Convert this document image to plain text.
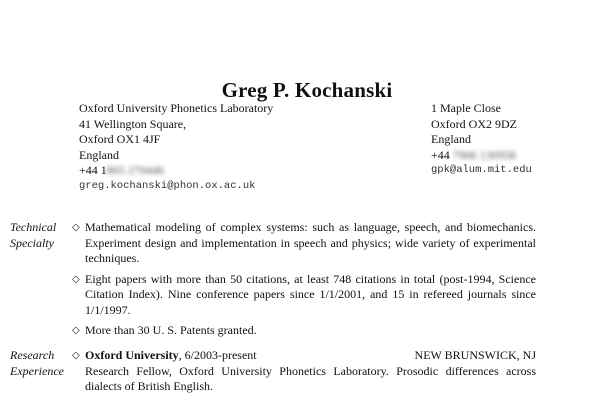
Greg P. Kochanski
Oxford University Phonetics Laboratory
41 Wellington Square,
Oxford OX1 4JF
England
+44 1865 270446
greg.kochanski@phon.ox.ac.uk
1 Maple Close
Oxford OX2 9DZ
England
+44 7906 130958
gpk@alum.mit.edu
Technical
Specialty
◇ Mathematical modeling of complex systems: such as language, speech, and biomechanics. Experiment design and implementation in speech and physics; wide variety of experimental techniques.
◇ Eight papers with more than 50 citations, at least 748 citations in total (post-1994, Science Citation Index). Nine conference papers since 1/1/2001, and 15 in refereed journals since 1/1/1997.
◇ More than 30 U. S. Patents granted.
Research
Experience
◇ Oxford University, 6/2003-present	NEW BRUNSWICK, NJ
Research Fellow, Oxford University Phonetics Laboratory. Prosodic differences across dialects of British English.
